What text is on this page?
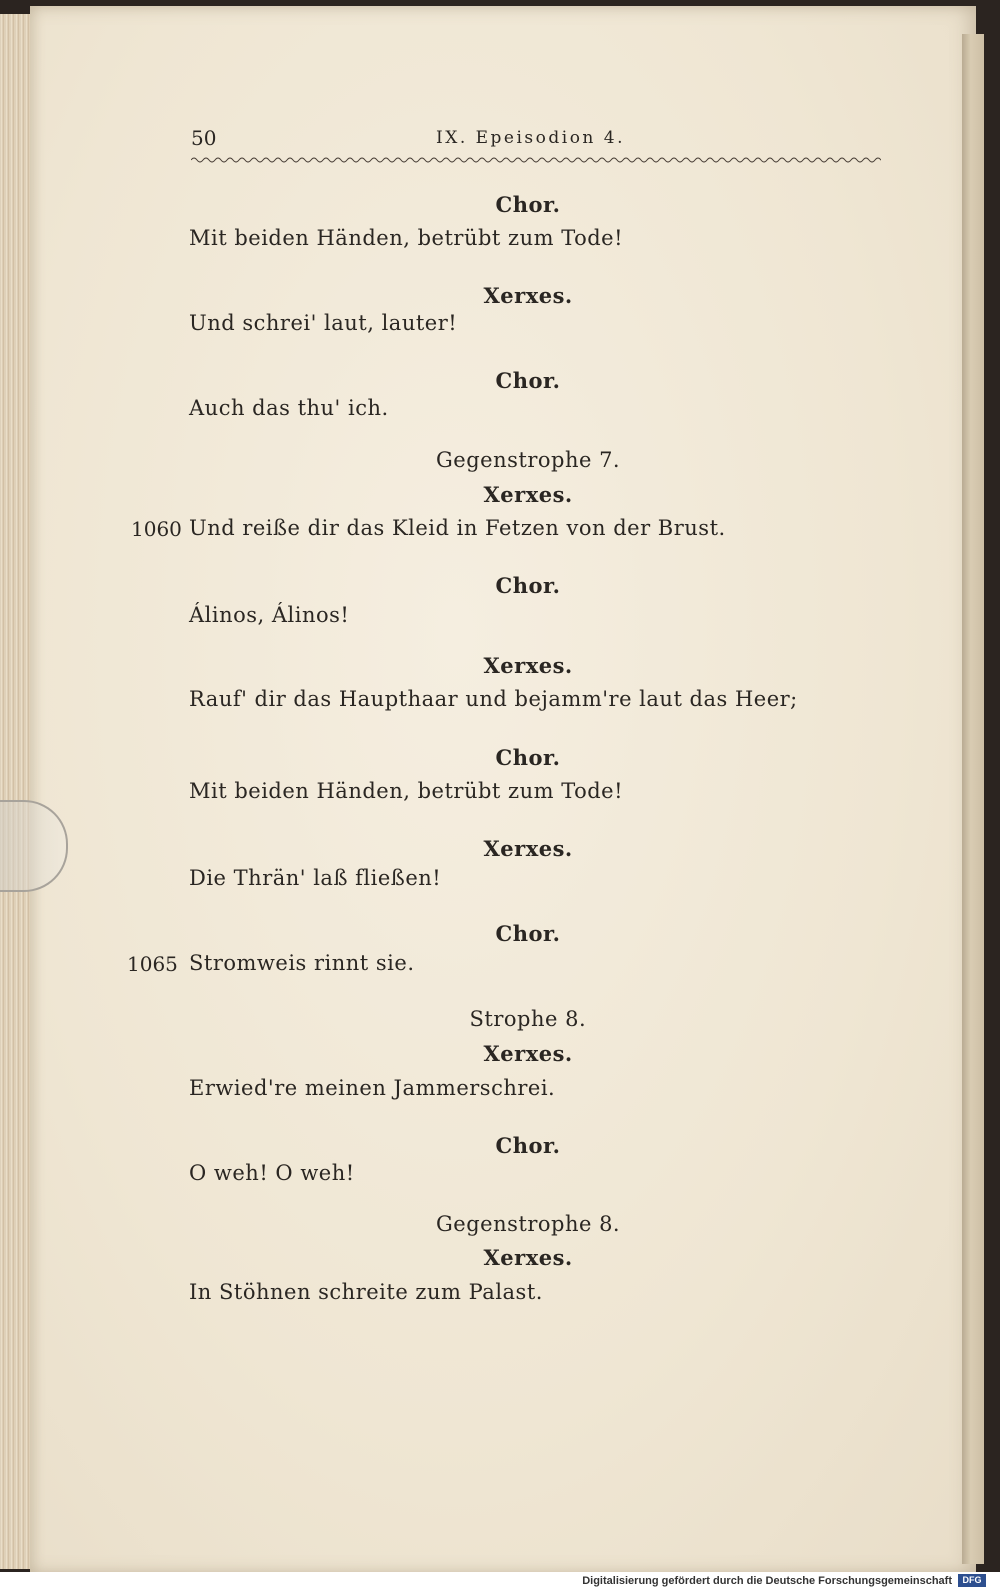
50	IX. Epeisodion 4.
Chor.
Mit beiden Händen, betrübt zum Tode!
Xerxes.
Und schrei' laut, lauter!
Chor.
Auch das thu' ich.
Gegenstrophe 7.
Xerxes.
1060 Und reiße dir das Kleid in Fetzen von der Brust.
Chor.
Álinos, Álinos!
Xerxes.
Rauf' dir das Haupthaar und bejamm're laut das Heer;
Chor.
Mit beiden Händen, betrübt zum Tode!
Xerxes.
Die Thrän' laß fließen!
Chor.
1065 Stromweis rinnt sie.
Strophe 8.
Xerxes.
Erwied're meinen Jammerschrei.
Chor.
O weh! O weh!
Gegenstrophe 8.
Xerxes.
In Stöhnen schreite zum Palast.
Digitalisierung gefördert durch die Deutsche Forschungsgemeinschaft	DFG
